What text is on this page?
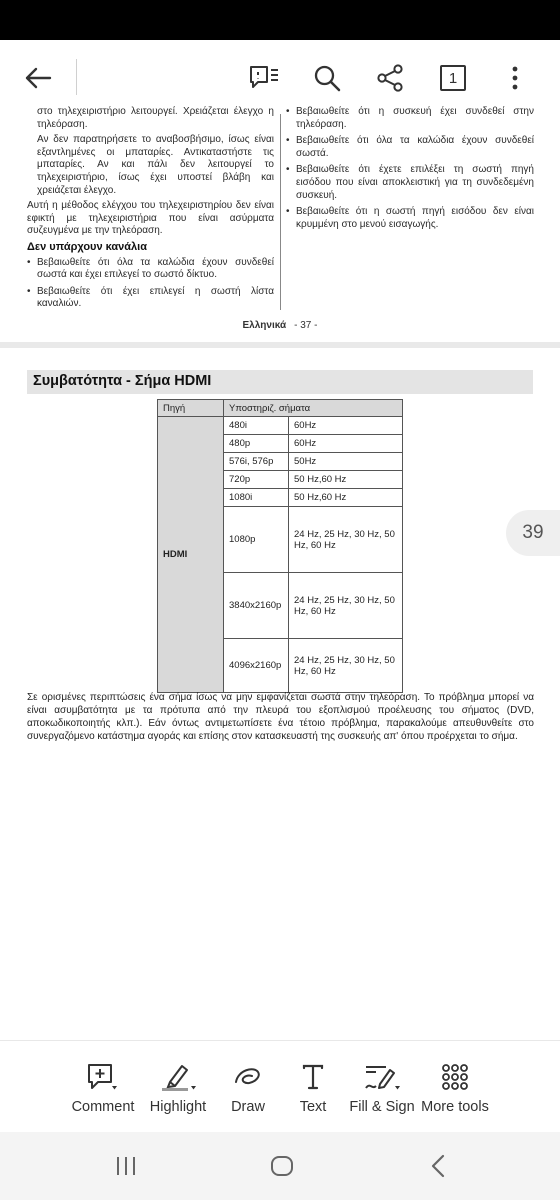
1

στο τηλεχειριστήριο λειτουργεί. Χρειάζεται έλεγχο η τηλεόραση.

Αν δεν παρατηρήσετε το αναβοσβήσιμο, ίσως είναι εξαντλημένες οι μπαταρίες. Αντικαταστήστε τις μπαταρίες. Αν και πάλι δεν λειτουργεί το τηλεχειριστήριο, ίσως έχει υποστεί βλάβη και χρειάζεται έλεγχο.

Αυτή η μέθοδος ελέγχου του τηλεχειριστηρίου δεν είναι εφικτή με τηλεχειριστήρια που είναι ασύρματα συζευγμένα με την τηλεόραση.

Δεν υπάρχουν κανάλια
• Βεβαιωθείτε ότι όλα τα καλώδια έχουν συνδεθεί σωστά και έχει επιλεγεί το σωστό δίκτυο.
• Βεβαιωθείτε ότι έχει επιλεγεί η σωστή λίστα καναλιών.
• Βεβαιωθείτε ότι η συσκευή έχει συνδεθεί στην τηλεόραση.
• Βεβαιωθείτε ότι όλα τα καλώδια έχουν συνδεθεί σωστά.
• Βεβαιωθείτε ότι έχετε επιλέξει τη σωστή πηγή εισόδου που είναι αποκλειστική για τη συνδεδεμένη συσκευή.
• Βεβαιωθείτε ότι η σωστή πηγή εισόδου δεν είναι κρυμμένη στο μενού εισαγωγής.
Ελληνικά - 37 -
Συμβατότητα - Σήμα HDMI
Πηγή	Υποστηριζ. σήματα	
HDMI	480i	60Hz
	480p	60Hz
	576i, 576p	50Hz
	720p	50 Hz,60 Hz
	1080i	50 Hz,60 Hz
	1080p	24 Hz, 25 Hz, 30 Hz, 50 Hz, 60 Hz
	3840x2160p	24 Hz, 25 Hz, 30 Hz, 50 Hz, 60 Hz
	4096x2160p	24 Hz, 25 Hz, 30 Hz, 50 Hz, 60 Hz
Σε ορισμένες περιπτώσεις ένα σήμα ίσως να μην εμφανίζεται σωστά στην τηλεόραση. Το πρόβλημα μπορεί να είναι ασυμβατότητα με τα πρότυπα από την πλευρά του εξοπλισμού προέλευσης του σήματος (DVD, αποκωδικοποιητής κλπ.). Εάν όντως αντιμετωπίσετε ένα τέτοιο πρόβλημα, παρακαλούμε απευθυνθείτε στο συνεργαζόμενο κατάστημα αγοράς και επίσης στον κατασκευαστή της συσκευής απ' όπου προέρχεται το σήμα.
39
Comment Highlight Draw Text Fill & Sign More tools
